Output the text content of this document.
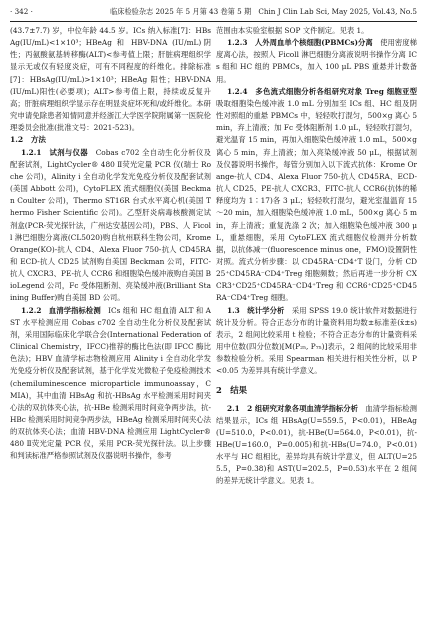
· 342 ·	临床检验杂志 2025 年 5 月第 43 卷第 5 期　Chin J Clin Lab Sci, May 2025, Vol.43, No.5

(43.7±7.7) 岁，中位年龄 44.5 岁。ICs 纳入标准[7]：HBsAg(IU/mL)<1×10³；HBeAg 和 HBV-DNA (IU/mL)阴性；丙氨酸氨基转移酶(ALT)<参考值上限；肝脏病理组织学显示无或仅有轻度炎症，可有不同程度的纤维化。排除标准[7]：HBsAg(IU/mL)>1×10³；HBeAg 阳性；HBV-DNA(IU/mL)阳性(必要项)；ALT>参考值上限，持续或反复升高；肝脏病理组织学显示存在明显炎症坏死和/或纤维化。本研究申请免除患者知情同意并经浙江大学医学院附属第一医院伦理委员会批准(批准文号：2021-523)。

1.2　方法

1.2.1　试剂与仪器　 Cobas c702 全自动生化分析仪及配套试剂，LightCycler® 480 Ⅱ荧光定量 PCR 仪(瑞士 Roche 公司)，Alinity i 全自动化学发光免疫分析仪及配套试剂(美国 Abbott 公司)，CytoFLEX 流式细胞仪(美国 Beckman Coulter 公司)，Thermo ST16R 台式水平离心机(美国 Thermo Fisher Scientific 公司)。乙型肝炎病毒核酸测定试剂盒(PCR-荧光探针法，广州达安基因公司)，PBS、人 Ficoll 淋巴细胞分离液(CL5020)购自杭州联科生物公司，Krome Orange(KO)-抗人 CD4、Alexa Fluor 750-抗人 CD45RA 和 ECD-抗人 CD25 试剂购自美国 Beckman 公司，FITC-抗人 CXCR3、PE-抗人 CCR6 和细胞染色缓冲液购自美国 BioLegend 公司，Fc 受体阻断剂、亮染缓冲液(Brilliant Staining Buffer)购自美国 BD 公司。

1.2.2　血清学指标检测　 ICs 组和 HC 组血清 ALT 和 AST 水平检测应用 Cobas c702 全自动生化分析仪及配套试剂，采用国际临床化学联合会(International Federation of Clinical Chemistry，IFCC)推荐的酶比色法(即 IFCC 酶比色法)；HBV 血清学标志物检测应用 Alinity i 全自动化学发光免疫分析仪及配套试剂，基于化学发光微粒子免疫检测技术(chemiluminescence microparticle immunoassay，CMIA)，其中血清 HBsAg 和抗-HBsAg 水平检测采用时间夹心法的双抗体夹心法，抗-HBe 检测采用时间竞争两步法，抗-HBc 检测采用时间竞争两步法，HBeAg 检测采用时间夹心法的双抗体夹心法；血清 HBV-DNA 检测应用 LightCycler® 480 Ⅱ荧光定量 PCR 仪，采用 PCR-荧光探针法。以上步骤和判读标准严格参照试剂及仪器说明书操作，参考

范围由本实验室根据 SOP 文件制定。见表 1。

1.2.3　人外周血单个核细胞(PBMCs)分离　 使用密度梯度离心法，按照人 Ficoll 淋巴细胞分离液说明书操作分离 ICs 组和 HC 组的 PBMCs，加入 100 μL PBS 重悬并计数备用。

1.2.4　多色流式细胞分析各组研究对象 Treg 细胞亚型　吸取细胞染色缓冲液 1.0 mL 分别加至 ICs 组、HC 组及阴性对照组的重悬 PBMCs 中，轻轻吹打混匀，500×g 离心 5 min，弃上清液；加 Fc 受体阻断剂 1.0 μL，轻轻吹打混匀，避光温育 15 min，再加入细胞染色缓冲液 1.0 mL，500×g 离心 5 min，弃上清液；加入亮染缓冲液 50 μL，根据试剂及仪器说明书操作，每管分别加入以下流式抗体：Krome Orange-抗人 CD4、Alexa Fluor 750-抗人 CD45RA、ECD-抗人 CD25、PE-抗人 CXCR3、FITC-抗人 CCR6(抗体的稀释度均为 1∶17)各 3 μL；轻轻吹打混匀，避光室温温育 15～20 min，加入细胞染色缓冲液 1.0 mL，500×g 离心 5 min，弃上清液；重复洗涤 2 次；加入细胞染色缓冲液 300 μL，重悬细胞，采用 CytoFLEX 流式细胞仪检测并分析数据，以抗体减一(fluorescence minus one，FMO)设置阴性对照。流式分析步骤：以 CD45RA⁻CD4⁺T 设门，分析 CD25⁺CD45RA⁻CD4⁺Treg 细胞频数；然后再进一步分析 CXCR3⁺CD25⁺CD45RA⁻CD4⁺Treg 和 CCR6⁺CD25⁺CD45RA⁻CD4⁺Treg 细胞。

1.3　统计学分析　 采用 SPSS 19.0 统计软件对数据进行统计及分析。符合正态分布的计量资料用均数±标准差(x̄±s)表示，2 组间比较采用 t 检验；不符合正态分布的计量资料采用中位数(四分位数)[M(P₂₅, P₇₅)]表示，2 组间的比较采用非参数检验分析。采用 Spearman 相关进行相关性分析，以 P<0.05 为差异具有统计学意义。

2　结果

2.1　2 组研究对象各项血清学指标分析　 血清学指标检测结果显示，ICs 组 HBsAg(U=559.5，P<0.01)，HBeAg(U=510.0，P<0.01)，抗-HBe(U=564.0，P<0.01)，抗-HBe(U=160.0，P=0.005)和抗-HBs(U=74.0，P<0.01)水平与 HC 组相比，差异均具有统计学意义，但 ALT(U=255.5，P=0.38)和 AST(U=202.5，P=0.53)水平在 2 组间的差异无统计学意义。见表 1。
